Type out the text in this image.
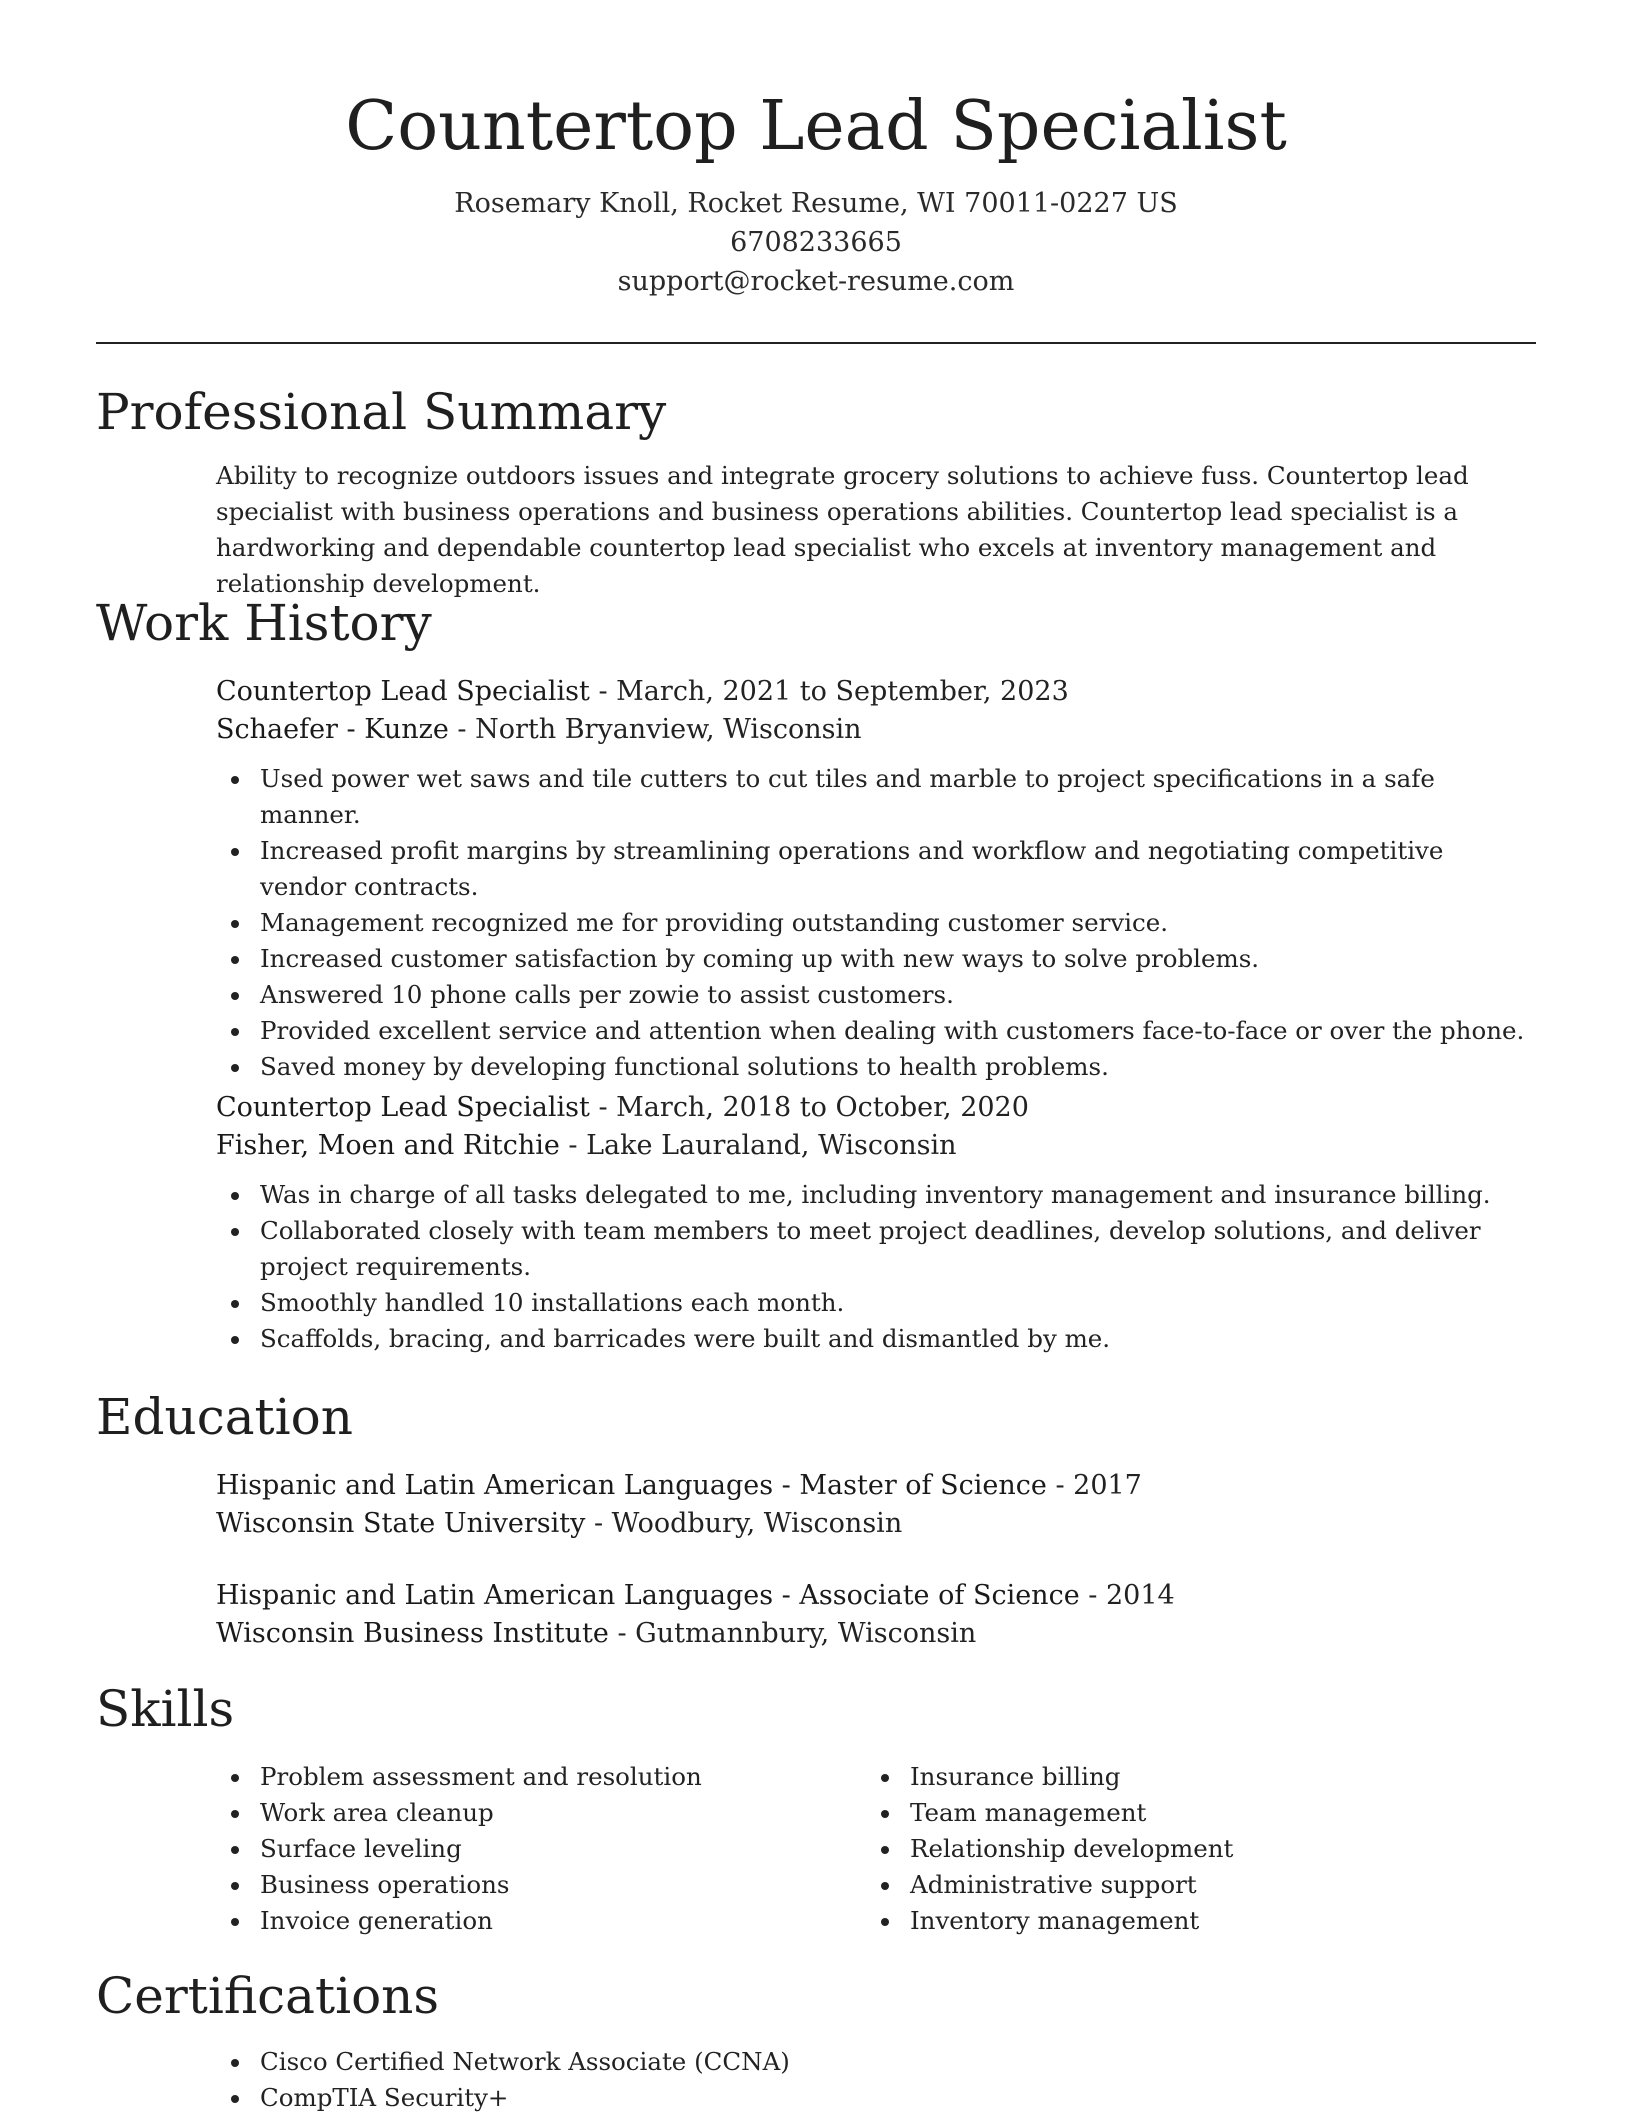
Countertop Lead Specialist
Rosemary Knoll, Rocket Resume, WI 70011-0227 US
6708233665
support@rocket-resume.com
Professional Summary

Ability to recognize outdoors issues and integrate grocery solutions to achieve fuss. Countertop lead specialist with business operations and business operations abilities. Countertop lead specialist is a hardworking and dependable countertop lead specialist who excels at inventory management and relationship development.

Work History
Countertop Lead Specialist - March, 2021 to September, 2023
Schaefer - Kunze - North Bryanview, Wisconsin
Used power wet saws and tile cutters to cut tiles and marble to project specifications in a safe manner.
Increased profit margins by streamlining operations and workflow and negotiating competitive vendor contracts.
Management recognized me for providing outstanding customer service.
Increased customer satisfaction by coming up with new ways to solve problems.
Answered 10 phone calls per zowie to assist customers.
Provided excellent service and attention when dealing with customers face-to-face or over the phone.
Saved money by developing functional solutions to health problems.
Countertop Lead Specialist - March, 2018 to October, 2020
Fisher, Moen and Ritchie - Lake Lauraland, Wisconsin
Was in charge of all tasks delegated to me, including inventory management and insurance billing.
Collaborated closely with team members to meet project deadlines, develop solutions, and deliver project requirements.
Smoothly handled 10 installations each month.
Scaffolds, bracing, and barricades were built and dismantled by me.
Education
Hispanic and Latin American Languages - Master of Science - 2017
Wisconsin State University - Woodbury, Wisconsin
Hispanic and Latin American Languages - Associate of Science - 2014
Wisconsin Business Institute - Gutmannbury, Wisconsin
Skills
Problem assessment and resolution
Work area cleanup
Surface leveling
Business operations
Invoice generation
Insurance billing
Team management
Relationship development
Administrative support
Inventory management
Certifications
Cisco Certified Network Associate (CCNA)
CompTIA Security+
